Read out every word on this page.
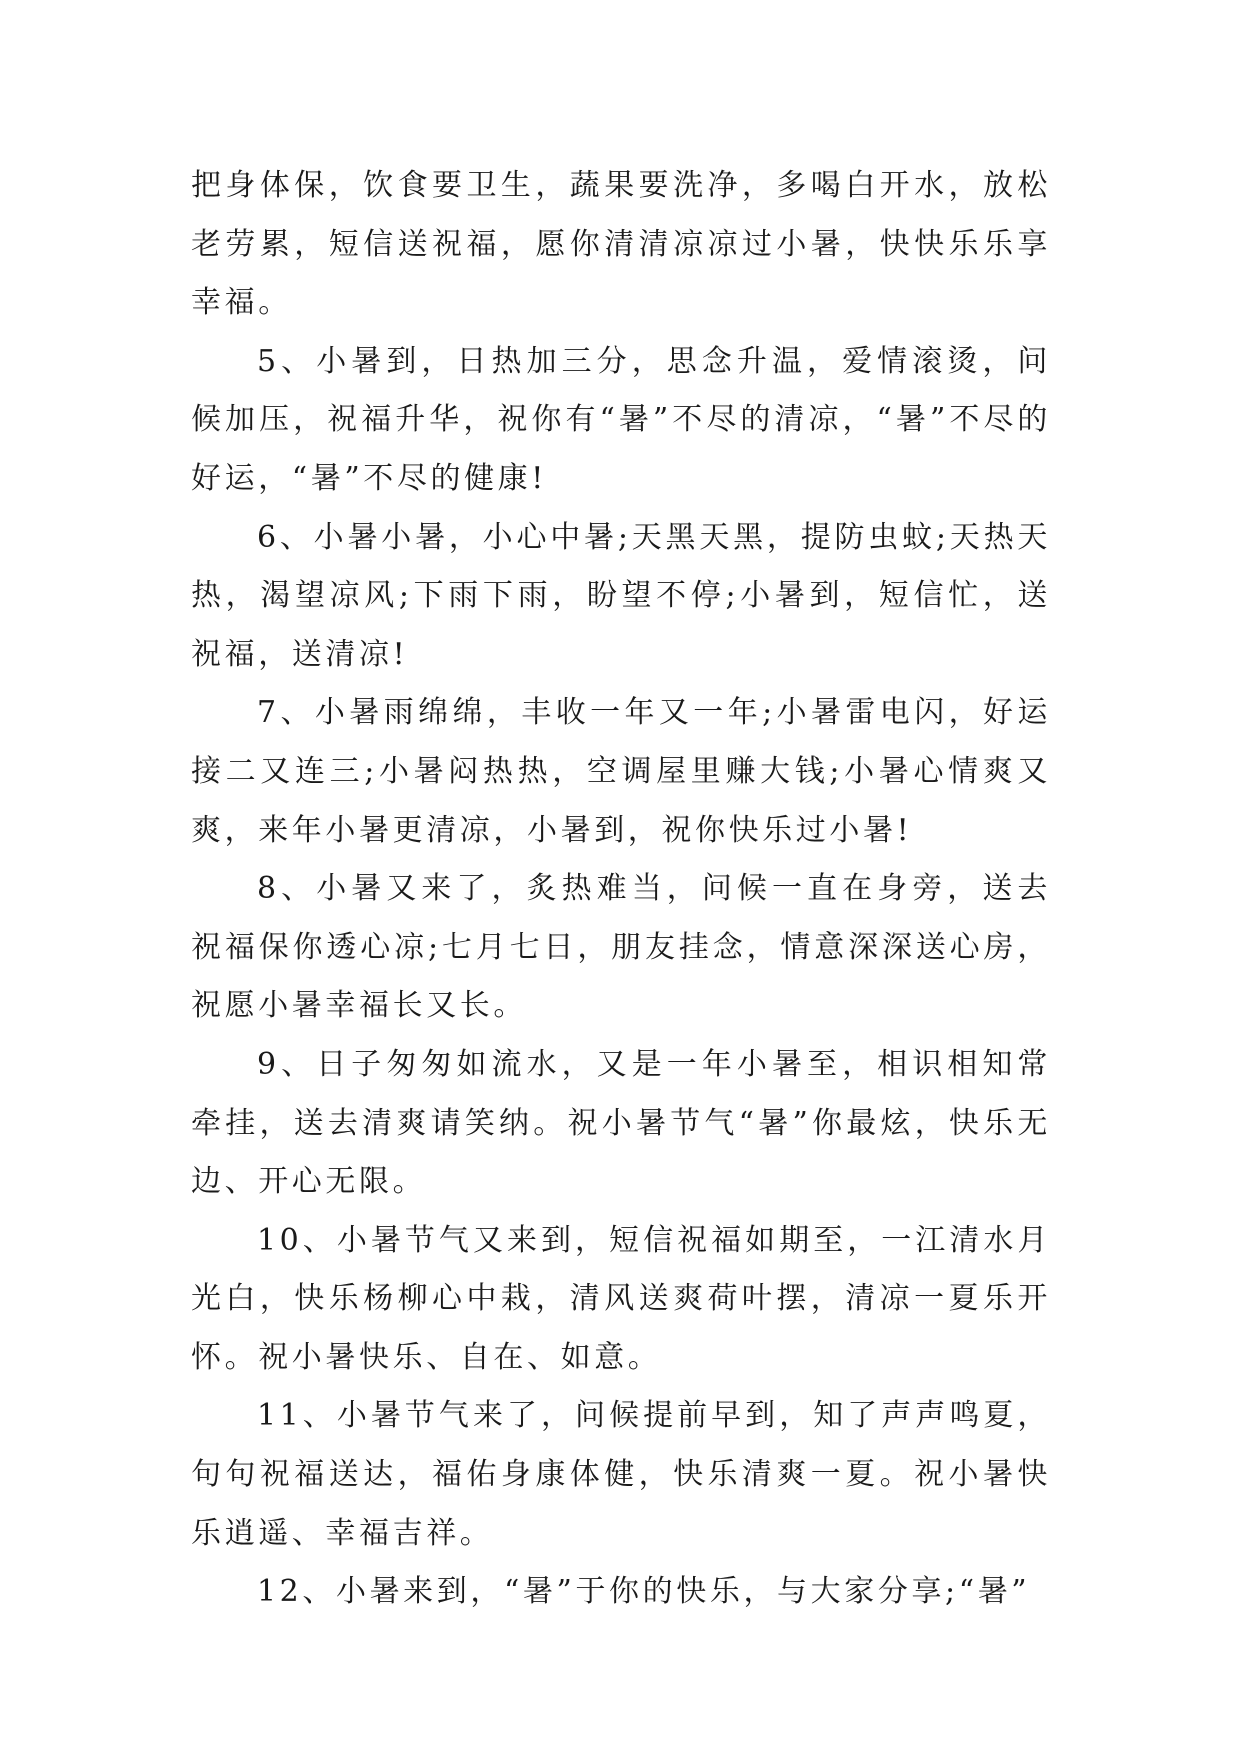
把身体保，饮食要卫生，蔬果要洗净，多喝白开水，放松老劳累，短信送祝福，愿你清清凉凉过小暑，快快乐乐享幸福。

5、小暑到，日热加三分，思念升温，爱情滚烫，问候加压，祝福升华，祝你有“暑”不尽的清凉，“暑”不尽的好运，“暑”不尽的健康!

6、小暑小暑，小心中暑;天黑天黑，提防虫蚊;天热天热，渴望凉风;下雨下雨，盼望不停;小暑到，短信忙，送祝福，送清凉!

7、小暑雨绵绵，丰收一年又一年;小暑雷电闪，好运接二又连三;小暑闷热热，空调屋里赚大钱;小暑心情爽又爽，来年小暑更清凉，小暑到，祝你快乐过小暑!

8、小暑又来了，炙热难当，问候一直在身旁，送去祝福保你透心凉;七月七日，朋友挂念，情意深深送心房，祝愿小暑幸福长又长。

9、日子匆匆如流水，又是一年小暑至，相识相知常牵挂，送去清爽请笑纳。祝小暑节气“暑”你最炫，快乐无边、开心无限。

10、小暑节气又来到，短信祝福如期至，一江清水月光白，快乐杨柳心中栽，清风送爽荷叶摆，清凉一夏乐开怀。祝小暑快乐、自在、如意。

11、小暑节气来了，问候提前早到，知了声声鸣夏，句句祝福送达，福佑身康体健，快乐清爽一夏。祝小暑快乐逍遥、幸福吉祥。

12、小暑来到，“暑”于你的快乐，与大家分享;“暑”
